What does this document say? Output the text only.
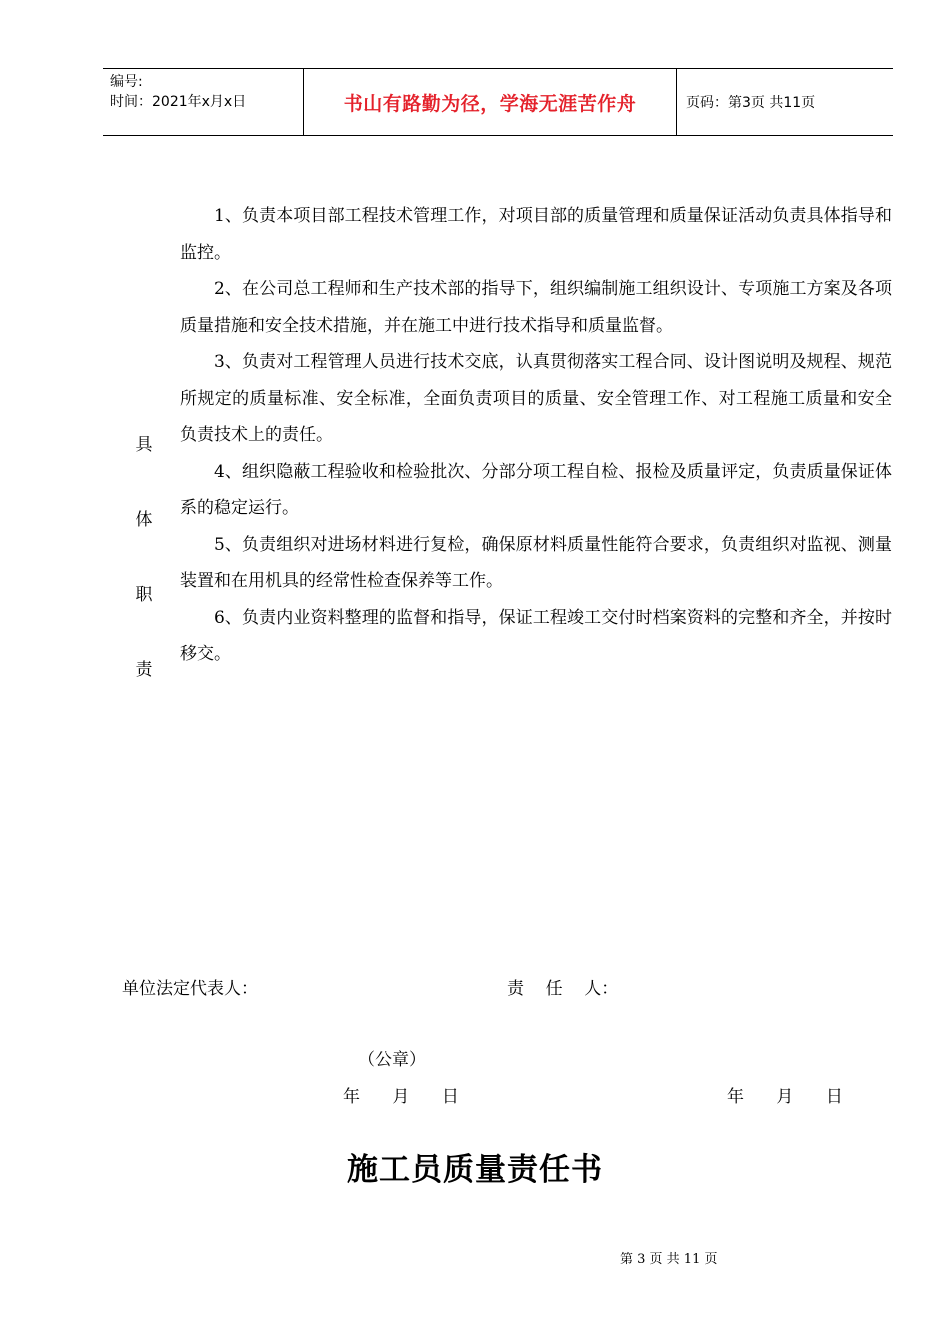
编号:
时间：2021年x月x日	书山有路勤为径，学海无涯苦作舟	页码：第3页 共11页
具
体
职
责

1、负责本项目部工程技术管理工作，对项目部的质量管理和质量保证活动负责具体指导和监控。

2、在公司总工程师和生产技术部的指导下，组织编制施工组织设计、专项施工方案及各项质量措施和安全技术措施，并在施工中进行技术指导和质量监督。

3、负责对工程管理人员进行技术交底，认真贯彻落实工程合同、设计图说明及规程、规范所规定的质量标准、安全标准，全面负责项目的质量、安全管理工作、对工程施工质量和安全负责技术上的责任。

4、组织隐蔽工程验收和检验批次、分部分项工程自检、报检及质量评定，负责质量保证体系的稳定运行。

5、负责组织对进场材料进行复检，确保原材料质量性能符合要求，负责组织对监视、测量装置和在用机具的经常性检查保养等工作。

6、负责内业资料整理的监督和指导，保证工程竣工交付时档案资料的完整和齐全，并按时移交。

单位法定代表人：	责    任    人：
（公章）
年      月      日	年      月      日
施工员质量责任书
第 3 页 共 11 页
